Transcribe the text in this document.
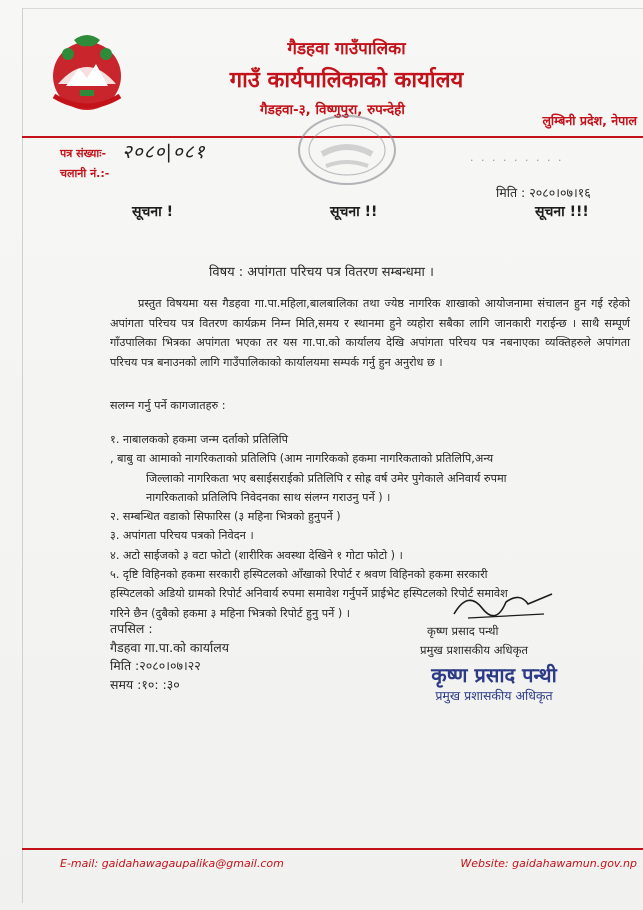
गैडहवा गाउँपालिका
गाउँ कार्यपालिकाको कार्यालय
गैडहवा-३, विष्णुपुरा, रुपन्देही
लुम्बिनी प्रदेश, नेपाल
पत्र संख्याः- २०८०|०८१
चलानी नं.:-
· · · · · · · · ·
मिति : २०८०।०७।१६
सूचना !	सूचना !!	सूचना !!!
विषय : अपांगता परिचय पत्र वितरण सम्बन्धमा ।
प्रस्तुत विषयमा यस गैडहवा गा.पा.महिला,बालबालिका तथा ज्येष्ठ नागरिक शाखाको आयोजनामा संचालन हुन गई रहेको अपांगता परिचय पत्र वितरण कार्यक्रम निम्न मिति,समय र स्थानमा हुने व्यहोरा सबैका लागि जानकारी गराईन्छ । साथै सम्पूर्ण गाँउपालिका भित्रका अपांगता भएका तर यस गा.पा.को कार्यालय देखि अपांगता परिचय पत्र नबनाएका व्यक्तिहरुले अपांगता परिचय पत्र बनाउनको लागि गाउँपालिकाको कार्यालयमा सम्पर्क गर्नु हुन अनुरोध छ ।
सलग्न गर्नु पर्ने कागजातहरु :
१. नाबालकको हकमा जन्म दर्ताको प्रतिलिपि
, बाबु वा आमाको नागरिकताको प्रतिलिपि (आम नागरिकको हकमा नागरिकताको प्रतिलिपि,अन्य
जिल्लाको नागरिकता भए बसाईसराईको प्रतिलिपि र सोह्र वर्ष उमेर पुगेकाले अनिवार्य रुपमा
नागरिकताको प्रतिलिपि निवेदनका साथ संलग्न गराउनु पर्ने ) ।
२. सम्बन्धित वडाको सिफारिस (३ महिना भित्रको हुनुपर्ने )
३. अपांगता परिचय पत्रको निवेदन ।
४. अटो साईजको ३ वटा फोटो (शारीरिक अवस्था देखिने १ गोटा फोटो ) ।
५. दृष्टि विहिनको हकमा सरकारी हस्पिटलको आँखाको रिपोर्ट र श्रवण विहिनको हकमा सरकारी
हस्पिटलको अडियो ग्रामको रिपोर्ट अनिवार्य रुपमा समावेश गर्नुपर्ने प्राईभेट हस्पिटलको रिपोर्ट समावेश
गरिने छैन (दुबैको हकमा ३ महिना भित्रको रिपोर्ट हुनु पर्ने ) ।
तपसिल :
गैडहवा गा.पा.को कार्यालय
मिति :२०८०।०७।२२
समय :१०: :३०
कृष्ण प्रसाद पन्थी
प्रमुख प्रशासकीय अधिकृत
कृष्ण प्रसाद पन्थी
प्रमुख प्रशासकीय अधिकृत
E-mail: gaidahawagaupalika@gmail.com	Website: gaidahawamun.gov.np
